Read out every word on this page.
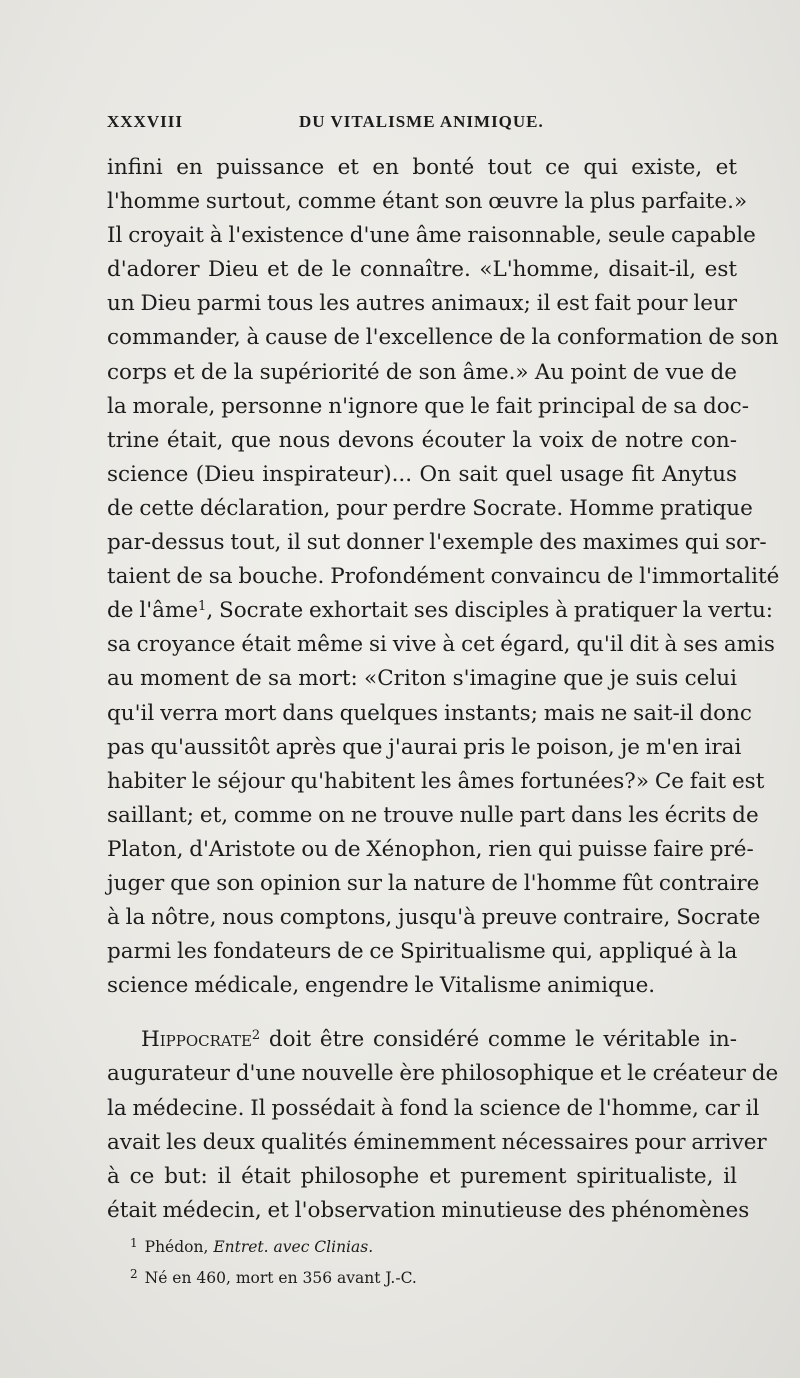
XXXVIII	DU VITALISME ANIMIQUE.
infini en puissance et en bonté tout ce qui existe, et
l'homme surtout, comme étant son œuvre la plus parfaite.»
Il croyait à l'existence d'une âme raisonnable, seule capable
d'adorer Dieu et de le connaître. «L'homme, disait-il, est
un Dieu parmi tous les autres animaux; il est fait pour leur
commander, à cause de l'excellence de la conformation de son
corps et de la supériorité de son âme.» Au point de vue de
la morale, personne n'ignore que le fait principal de sa doc-
trine était, que nous devons écouter la voix de notre con-
science (Dieu inspirateur)... On sait quel usage fit Anytus
de cette déclaration, pour perdre Socrate. Homme pratique
par-dessus tout, il sut donner l'exemple des maximes qui sor-
taient de sa bouche. Profondément convaincu de l'immortalité
de l'âme$^1$, Socrate exhortait ses disciples à pratiquer la vertu:
sa croyance était même si vive à cet égard, qu'il dit à ses amis
au moment de sa mort: «Criton s'imagine que je suis celui
qu'il verra mort dans quelques instants; mais ne sait-il donc
pas qu'aussitôt après que j'aurai pris le poison, je m'en irai
habiter le séjour qu'habitent les âmes fortunées?» Ce fait est
saillant; et, comme on ne trouve nulle part dans les écrits de
Platon, d'Aristote ou de Xénophon, rien qui puisse faire pré-
juger que son opinion sur la nature de l'homme fût contraire
à la nôtre, nous comptons, jusqu'à preuve contraire, Socrate
parmi les fondateurs de ce Spiritualisme qui, appliqué à la
science médicale, engendre le Vitalisme animique.
Hippocrate$^2$ doit être considéré comme le véritable in-
augurateur d'une nouvelle ère philosophique et le créateur de
la médecine. Il possédait à fond la science de l'homme, car il
avait les deux qualités éminemment nécessaires pour arriver
à ce but: il était philosophe et purement spiritualiste, il
était médecin, et l'observation minutieuse des phénomènes
$^1$ Phédon, Entret. avec Clinias.
$^2$ Né en 460, mort en 356 avant J.-C.
